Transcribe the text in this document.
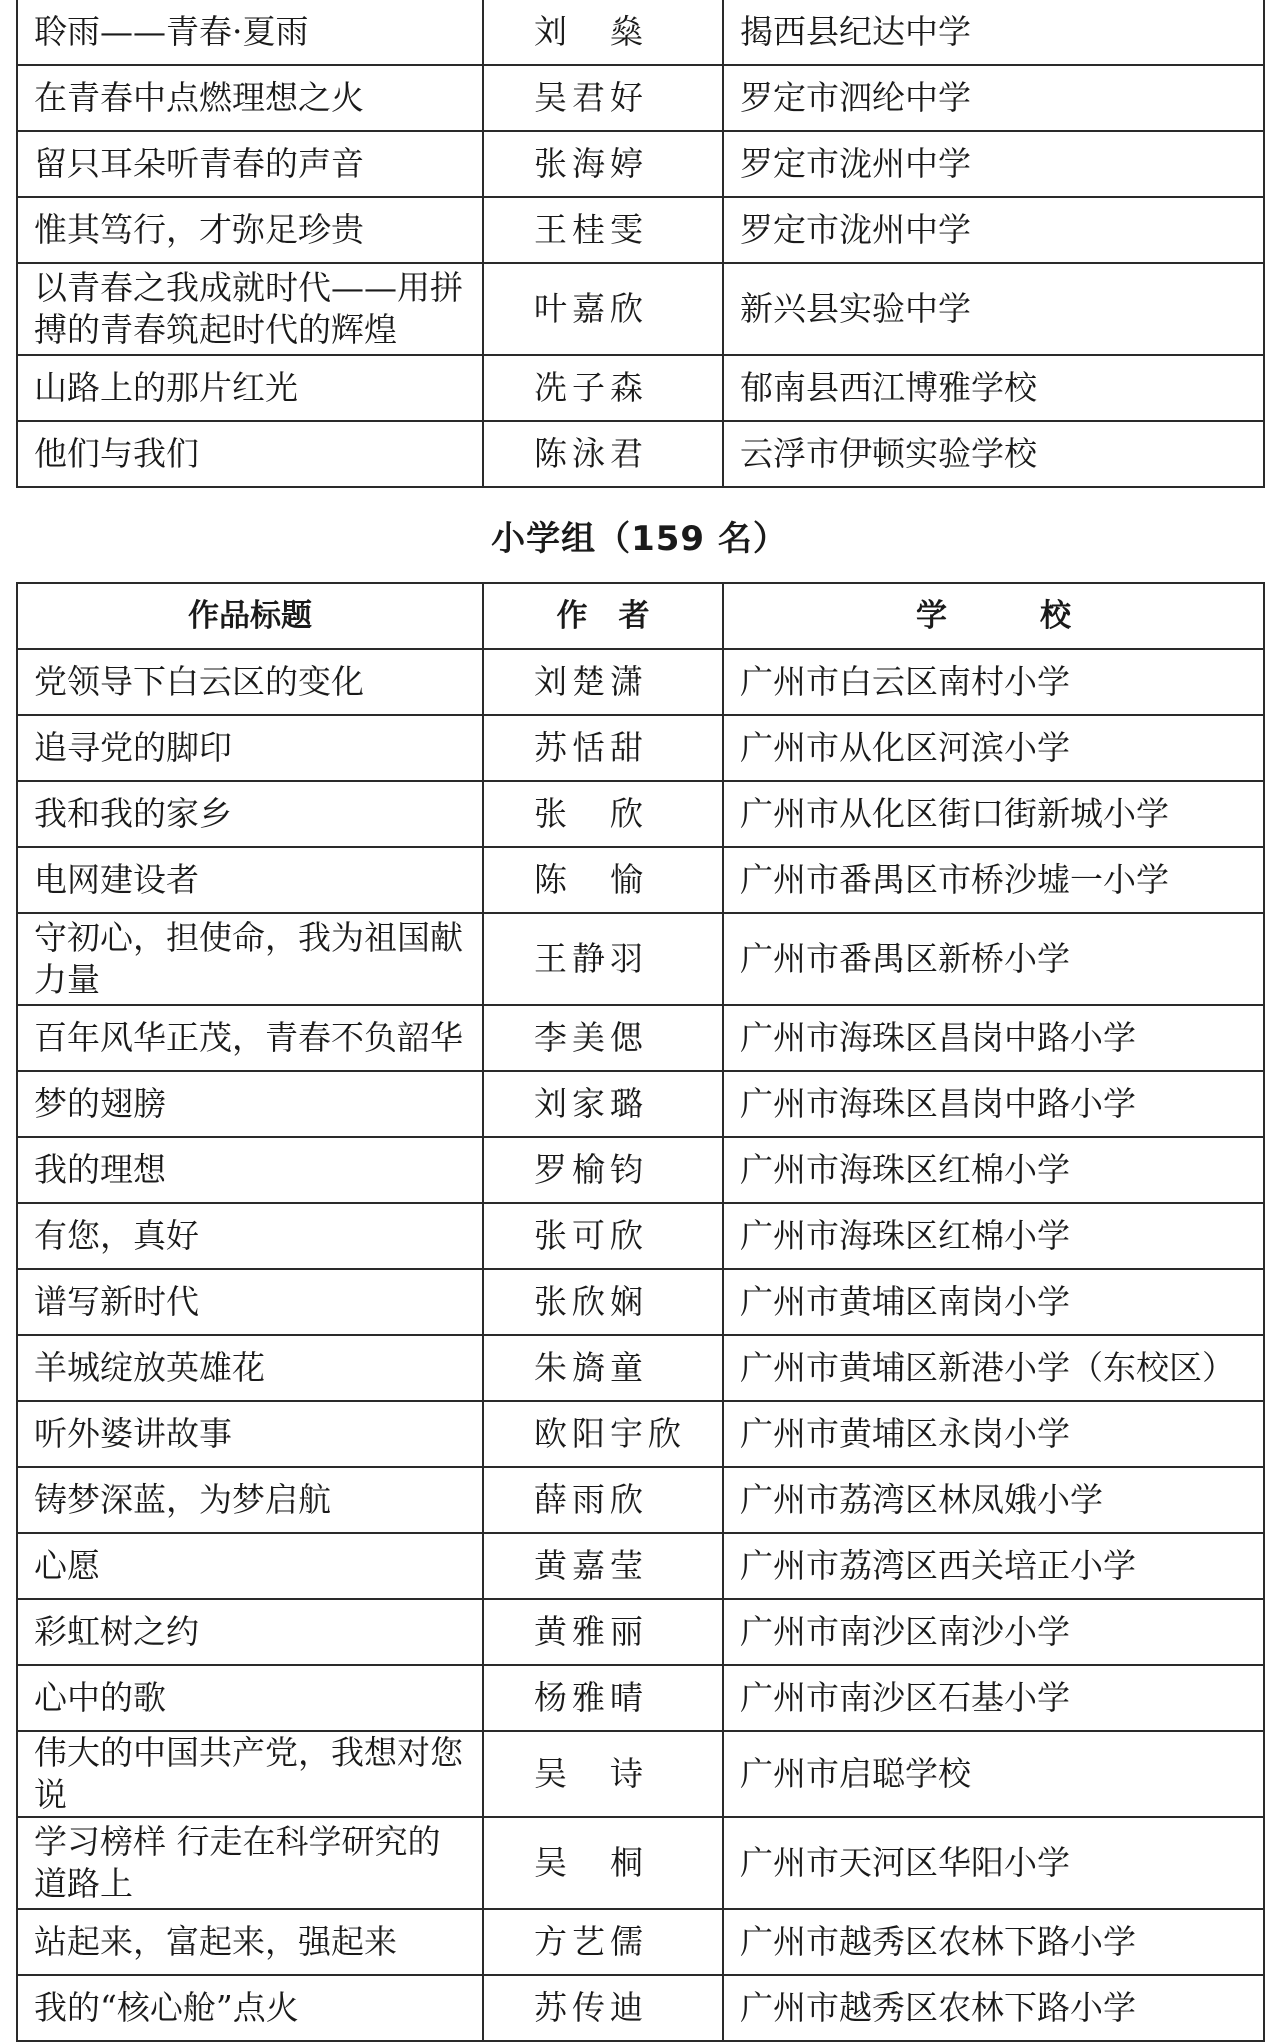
聆雨——青春·夏雨	刘　燊	揭西县纪达中学
在青春中点燃理想之火	吴君好	罗定市泗纶中学
留只耳朵听青春的声音	张海婷	罗定市泷州中学
惟其笃行，才弥足珍贵	王桂雯	罗定市泷州中学
以青春之我成就时代——用拼搏的青春筑起时代的辉煌	叶嘉欣	新兴县实验中学
山路上的那片红光	冼子森	郁南县西江博雅学校
他们与我们	陈泳君	云浮市伊顿实验学校
小学组（159 名）
作品标题	作　者	学　　　校
党领导下白云区的变化	刘楚潇	广州市白云区南村小学
追寻党的脚印	苏恬甜	广州市从化区河滨小学
我和我的家乡	张　欣	广州市从化区街口街新城小学
电网建设者	陈　愉	广州市番禺区市桥沙墟一小学
守初心，担使命，我为祖国献力量	王静羽	广州市番禺区新桥小学
百年风华正茂，青春不负韶华	李美偲	广州市海珠区昌岗中路小学
梦的翅膀	刘家璐	广州市海珠区昌岗中路小学
我的理想	罗榆钧	广州市海珠区红棉小学
有您，真好	张可欣	广州市海珠区红棉小学
谱写新时代	张欣娴	广州市黄埔区南岗小学
羊城绽放英雄花	朱旖童	广州市黄埔区新港小学（东校区）
听外婆讲故事	欧阳宇欣	广州市黄埔区永岗小学
铸梦深蓝，为梦启航	薛雨欣	广州市荔湾区林凤娥小学
心愿	黄嘉莹	广州市荔湾区西关培正小学
彩虹树之约	黄雅丽	广州市南沙区南沙小学
心中的歌	杨雅晴	广州市南沙区石基小学
伟大的中国共产党，我想对您说	吴　诗	广州市启聪学校
学习榜样 行走在科学研究的道路上	吴　桐	广州市天河区华阳小学
站起来，富起来，强起来	方艺儒	广州市越秀区农林下路小学
我的“核心舱”点火	苏传迪	广州市越秀区农林下路小学
